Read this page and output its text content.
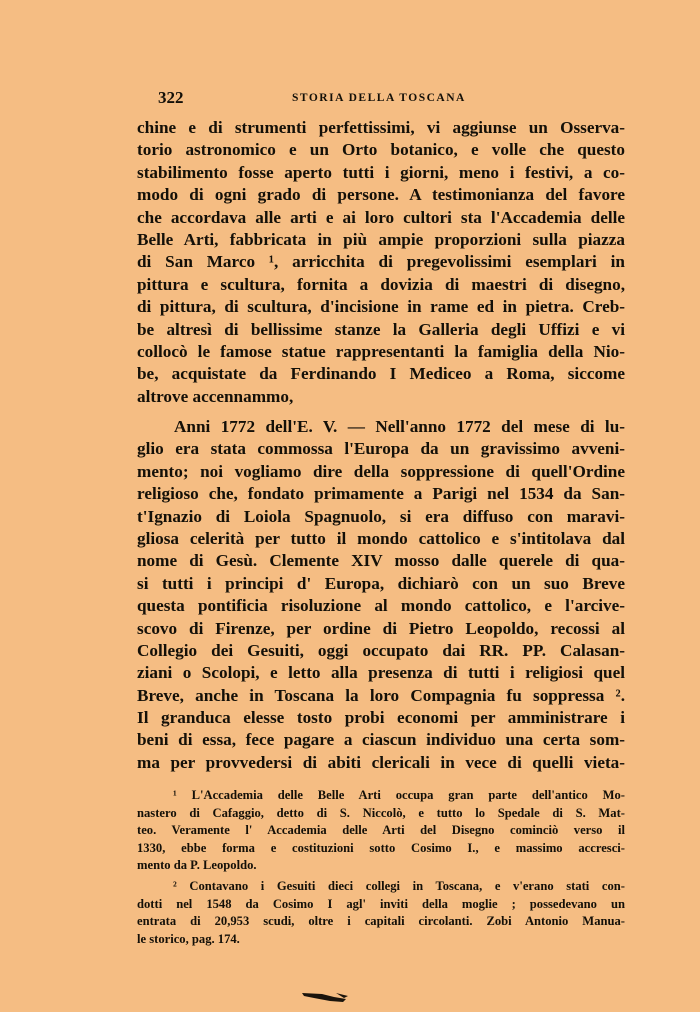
322	STORIA DELLA TOSCANA
chine e di strumenti perfettissimi, vi aggiunse un Osserva-
torio astronomico e un Orto botanico, e volle che questo
stabilimento fosse aperto tutti i giorni, meno i festivi, a co-
modo di ogni grado di persone. A testimonianza del favore
che accordava alle arti e ai loro cultori sta l'Accademia delle
Belle Arti, fabbricata in più ampie proporzioni sulla piazza
di San Marco ¹, arricchita di pregevolissimi esemplari in
pittura e scultura, fornita a dovizia di maestri di disegno,
di pittura, di scultura, d'incisione in rame ed in pietra. Creb-
be altresì di bellissime stanze la Galleria degli Uffizi e vi
collocò le famose statue rappresentanti la famiglia della Nio-
be, acquistate da Ferdinando I Mediceo a Roma, siccome
altrove accennammo,
Anni 1772 dell'E. V. — Nell'anno 1772 del mese di lu-
glio era stata commossa l'Europa da un gravissimo avveni-
mento; noi vogliamo dire della soppressione di quell'Ordine
religioso che, fondato primamente a Parigi nel 1534 da San-
t'Ignazio di Loiola Spagnuolo, si era diffuso con maravi-
gliosa celerità per tutto il mondo cattolico e s'intitolava dal
nome di Gesù. Clemente XIV mosso dalle querele di qua-
si tutti i principi d' Europa, dichiarò con un suo Breve
questa pontificia risoluzione al mondo cattolico, e l'arcive-
scovo di Firenze, per ordine di Pietro Leopoldo, recossi al
Collegio dei Gesuiti, oggi occupato dai RR. PP. Calasan-
ziani o Scolopi, e letto alla presenza di tutti i religiosi quel
Breve, anche in Toscana la loro Compagnia fu soppressa ².
Il granduca elesse tosto probi economi per amministrare i
beni di essa, fece pagare a ciascun individuo una certa som-
ma per provvedersi di abiti clericali in vece di quelli vieta-
¹ L'Accademia delle Belle Arti occupa gran parte dell'antico Mo-
nastero di Cafaggio, detto di S. Niccolò, e tutto lo Spedale di S. Mat-
teo. Veramente l' Accademia delle Arti del Disegno cominciò verso il
1330, ebbe forma e costituzioni sotto Cosimo I., e massimo accresci-
mento da P. Leopoldo.
² Contavano i Gesuiti dieci collegi in Toscana, e v'erano stati con-
dotti nel 1548 da Cosimo I agl' inviti della moglie ; possedevano un
entrata di 20,953 scudi, oltre i capitali circolanti. Zobi Antonio Manua-
le storico, pag. 174.
